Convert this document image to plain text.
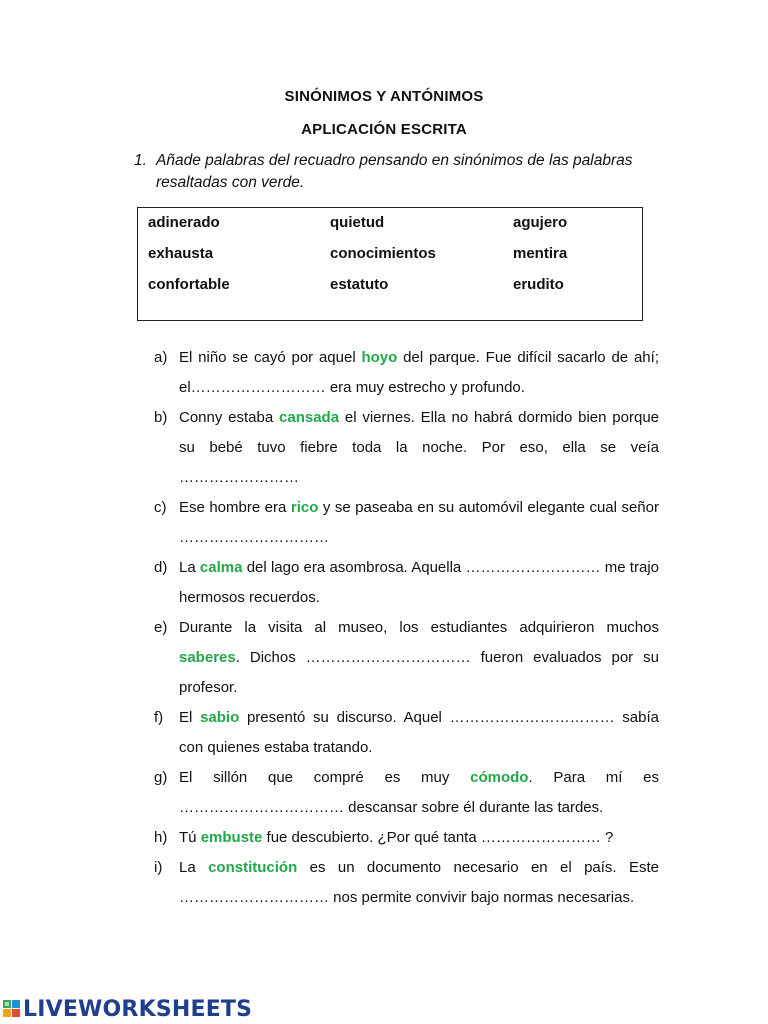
SINÓNIMOS Y ANTÓNIMOS
APLICACIÓN ESCRITA
1. Añade palabras del recuadro pensando en sinónimos de las palabras resaltadas con verde.
adinerado	quietud	agujero
exhausta	conocimientos	mentira
confortable	estatuto	erudito
a) El niño se cayó por aquel hoyo del parque. Fue difícil sacarlo de ahí; el……………………… era muy estrecho y profundo.
b) Conny estaba cansada el viernes. Ella no habrá dormido bien porque su bebé tuvo fiebre toda la noche. Por eso, ella se veía ……………………
c) Ese hombre era rico y se paseaba en su automóvil elegante cual señor …………………………
d) La calma del lago era asombrosa. Aquella ……………………… me trajo hermosos recuerdos.
e) Durante la visita al museo, los estudiantes adquirieron muchos saberes. Dichos …………………………… fueron evaluados por su profesor.
f) El sabio presentó su discurso. Aquel …………………………… sabía con quienes estaba tratando.
g) El sillón que compré es muy cómodo. Para mí es …………………………… descansar sobre él durante las tardes.
h) Tú embuste fue descubierto. ¿Por qué tanta …………………… ?
i) La constitución es un documento necesario en el país. Este ………………………… nos permite convivir bajo normas necesarias.
LIVEWORKSHEETS
